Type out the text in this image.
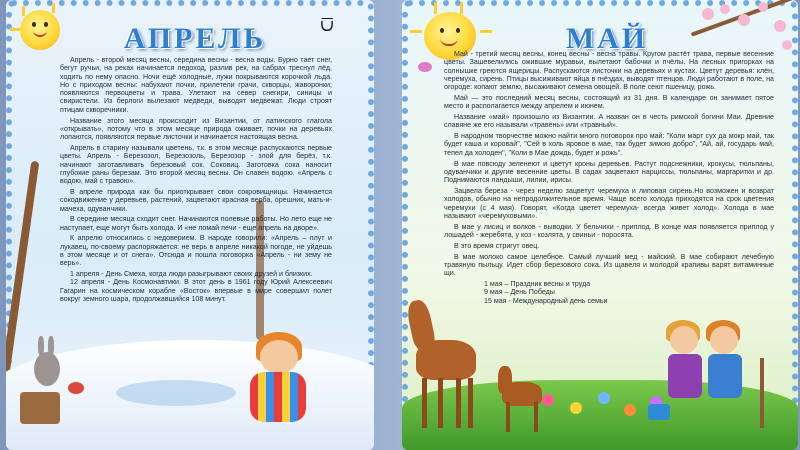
АПРЕЛЬ	⩂

Апрель - второй месяц весны, середина весны - весна воды. Бурно тает снег, бегут ручьи, на реках начинается ледоход, разлив рек, на сабрах треснул лёд, ходить по нему опасно. Ночи ещё холодные, лужи покрываются корочкой льда. Но с приходом весны: набухают почки, прилетели грачи, скворцы, жаворонки; появляются первоцветы и трава. Улетают на север снегири, синицы и свиристели. Из берлоги вылезают медведи, выводят медвежат. Люди строят птицам скворечники.

Название этого месяца происходит из Византии, от латинского глагола «открывать», потому что в этом месяце природа оживает, почки на деревьях лопаются, появляются первые листочки и начинается настоящая весна.

Апрель в старину называли цветень, т.к. в этом месяце распускаются первые цветы. Апрель - Березозол, Березозоль, Березозор - злой для берёз, т.к. начинают заготавливать березовый сок. Соковиц. Заготовка сока наносит глубокие раны березам. Это второй месяц весны. Он славен водою. «Апрель с водою, май с травою».

В апреле природа как бы приоткрывает свои сокровищницы. Начинается сокодвижение у деревьев, растений, зацветают красная верба, орешник, мать-и-мачеха, одуванчики.

В середине месяца сходит снег. Начинаются полевые работы. Но лето еще не наступает, еще могут быть холода. И «не ломай печи - еще апрель на дворе».

К апрелю относились с недоверием. В народе говорили: «Апрель – плут и лукавец, по-своему распоряжается: не верь в апреле никакой погоде, не уйдешь в этом месяце и от снега». Отсюда и пошла поговорка «Апрель - ни зему не верь».

1 апреля - День Смеха, когда люди разыгрывают своих друзей и близких.

12 апреля - День Космонавтики. В этот день в 1961 году Юрий Алексеевич Гагарин на космическом корабле «Восток» впервые в мире совершил полет вокруг земного шара, продолжавшийся 108 минут.

МАЙ

Май - третий месяц весны, конец весны - весна травы. Кругом растёт трава, первые весенние цветы. Зашевелились ожившие муравьи, вылетают бабочки и пчёлы. На лесных пригорках на солнышке греются ящерицы. Распускаются листочки на деревьях и кустах. Цветут деревья: клён, черемуха, сирень. Птицы высиживают яйца в гнёздах, выводят птенцов. Люди работают в поле, на огороде: копают землю, высаживают семена овощей. В поле сеют пшеницу, рожь.

Май — это последний месяц весны, состоящий из 31 дня. В календаре он занимает пятое место и располагается между апрелем и июнем.

Название «май» произошло из Византии. А назван он в честь римской богини Маи. Древние славяне же его называли «травень» или «травный».

В народном творчестве можно найти много поговорок про май: "Коли март сух да мокр май, так будет каша и коровай", "Сей в холь яровое в мае, так будет зимою добро", "Ай, ай, государь май, тепел да холоден", "Коли в Мае дождь, будет и рожь".

В мае повсюду зеленеют и цветут кроны деревьев. Растут подснежники, крокусы, тюльпаны, одуванчики и другие весенние цветы. В садах зацветают нарциссы, тюльпаны, маргаритки и др. Поднимаются ландыши, лилии, ирисы.

Зацвела береза - через неделю зацветут черемуха и липовая сирень.Но возможен и возврат холодов, обычно на непродолжительное время. Чаще всего холода приходятся на срок цветения черемухи (с 4 мая). Говорят, «Когда цветет черемуха- всегда живет холод». Холода в мае называют «черемуховыми».

В мае у лисиц и волков - выводки. У бельчихи - приплод. В конце мая появляется приплод у лошадей - жеребята, у коз - козлята, у свиньи - поросята.

В это время стригут овец.

В мае молоко самое целебное. Самый лучший мед - майский. В мае собирают лечебную травяную пыльцу. Идет сбор березового сока. Из щавеля и молодой крапивы варят витаминные щи.

1 мая – Праздник весны и труда

9 мая – День Победы

15 мая - Международный день семьи
